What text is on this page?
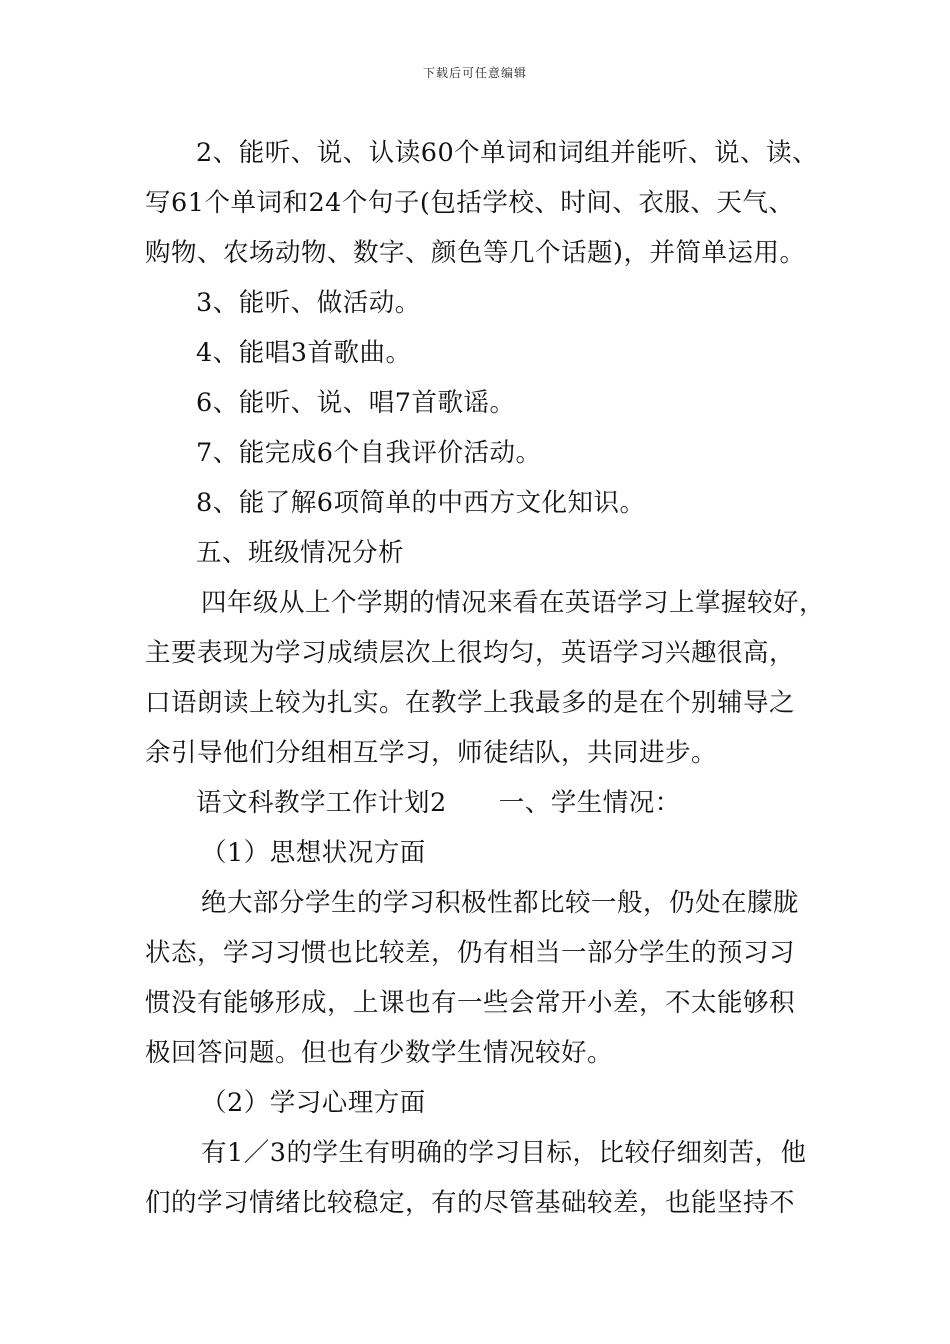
下载后可任意编辑
2、能听、说、认读60个单词和词组并能听、说、读、
写61个单词和24个句子(包括学校、时间、衣服、天气、
购物、农场动物、数字、颜色等几个话题)，并简单运用。
3、能听、做活动。
4、能唱3首歌曲。
6、能听、说、唱7首歌谣。
7、能完成6个自我评价活动。
8、能了解6项简单的中西方文化知识。
五、班级情况分析
四年级从上个学期的情况来看在英语学习上掌握较好，
主要表现为学习成绩层次上很均匀，英语学习兴趣很高，
口语朗读上较为扎实。在教学上我最多的是在个别辅导之
余引导他们分组相互学习，师徒结队，共同进步。
语文科教学工作计划2 一、学生情况：
（1）思想状况方面
绝大部分学生的学习积极性都比较一般，仍处在朦胧
状态，学习习惯也比较差，仍有相当一部分学生的预习习
惯没有能够形成，上课也有一些会常开小差，不太能够积
极回答问题。但也有少数学生情况较好。
（2）学习心理方面
有1／3的学生有明确的学习目标，比较仔细刻苦，他
们的学习情绪比较稳定，有的尽管基础较差，也能坚持不
